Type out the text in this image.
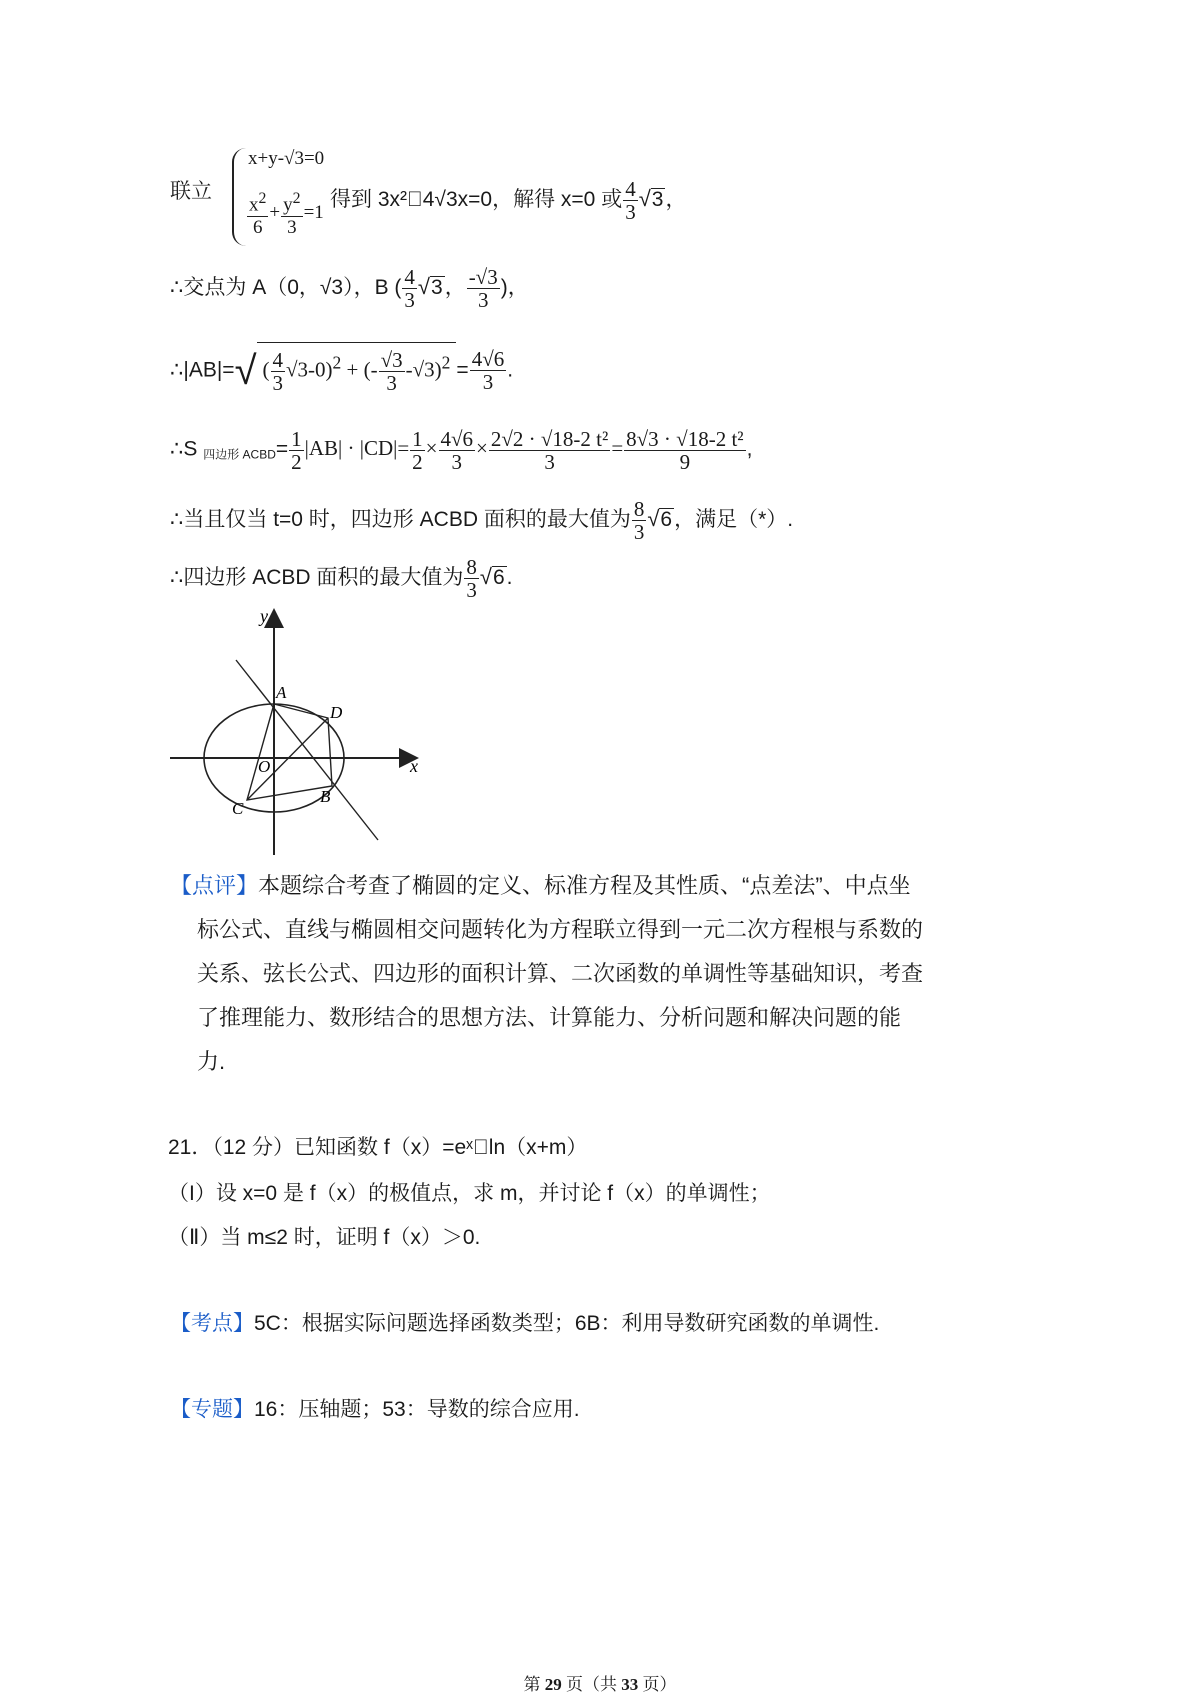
联立
x+y-√3=0
$\frac{x^2}{6} + \frac{y^2}{3} =1$
得到 3x²􏰀4√3x=0，解得 x=0 或 $\frac{4}{3} √3$，
∴交点为 A（0，√3），B ( $\frac{4}{3} √3$， $\frac{-√3}{3}$ )，
∴|AB|=√ ( $\frac{4}{3} √3-0)^2$ + (- $\frac{√3}{3} -√3)^2 = \frac{4√6}{3}$ .
∴S $_{四边形 ACBD}= \frac{1}{2} |AB| \cdot |CD|= \frac{1}{2} \times \frac{4√6}{3} \times \frac{\text{2√2 · √18-2 t²}}{3} = \frac{\text{8√3 · √18-2 t²}}{9}$ ,
∴当且仅当 t=0 时，四边形 ACBD 面积的最大值为 $\frac{8}{3} √6$，满足（*）.
∴四边形 ACBD 面积的最大值为 $\frac{8}{3} √6$.
y
x
A
D
O
C
B
【点评】本题综合考查了椭圆的定义、标准方程及其性质、“点差法”、中点坐
标公式、直线与椭圆相交问题转化为方程联立得到一元二次方程根与系数的
关系、弦长公式、四边形的面积计算、二次函数的单调性等基础知识，考查
了推理能力、数形结合的思想方法、计算能力、分析问题和解决问题的能
力.
21．（12 分）已知函数 f（x）=eˣ􏰀ln（x+m）
（I）设 x=0 是 f（x）的极值点，求 m，并讨论 f（x）的单调性；
（Ⅱ）当 m≤2 时，证明 f（x）＞0.
【考点】5C：根据实际问题选择函数类型；6B：利用导数研究函数的单调性.
【专题】16：压轴题；53：导数的综合应用.
第 29 页（共 33 页）
